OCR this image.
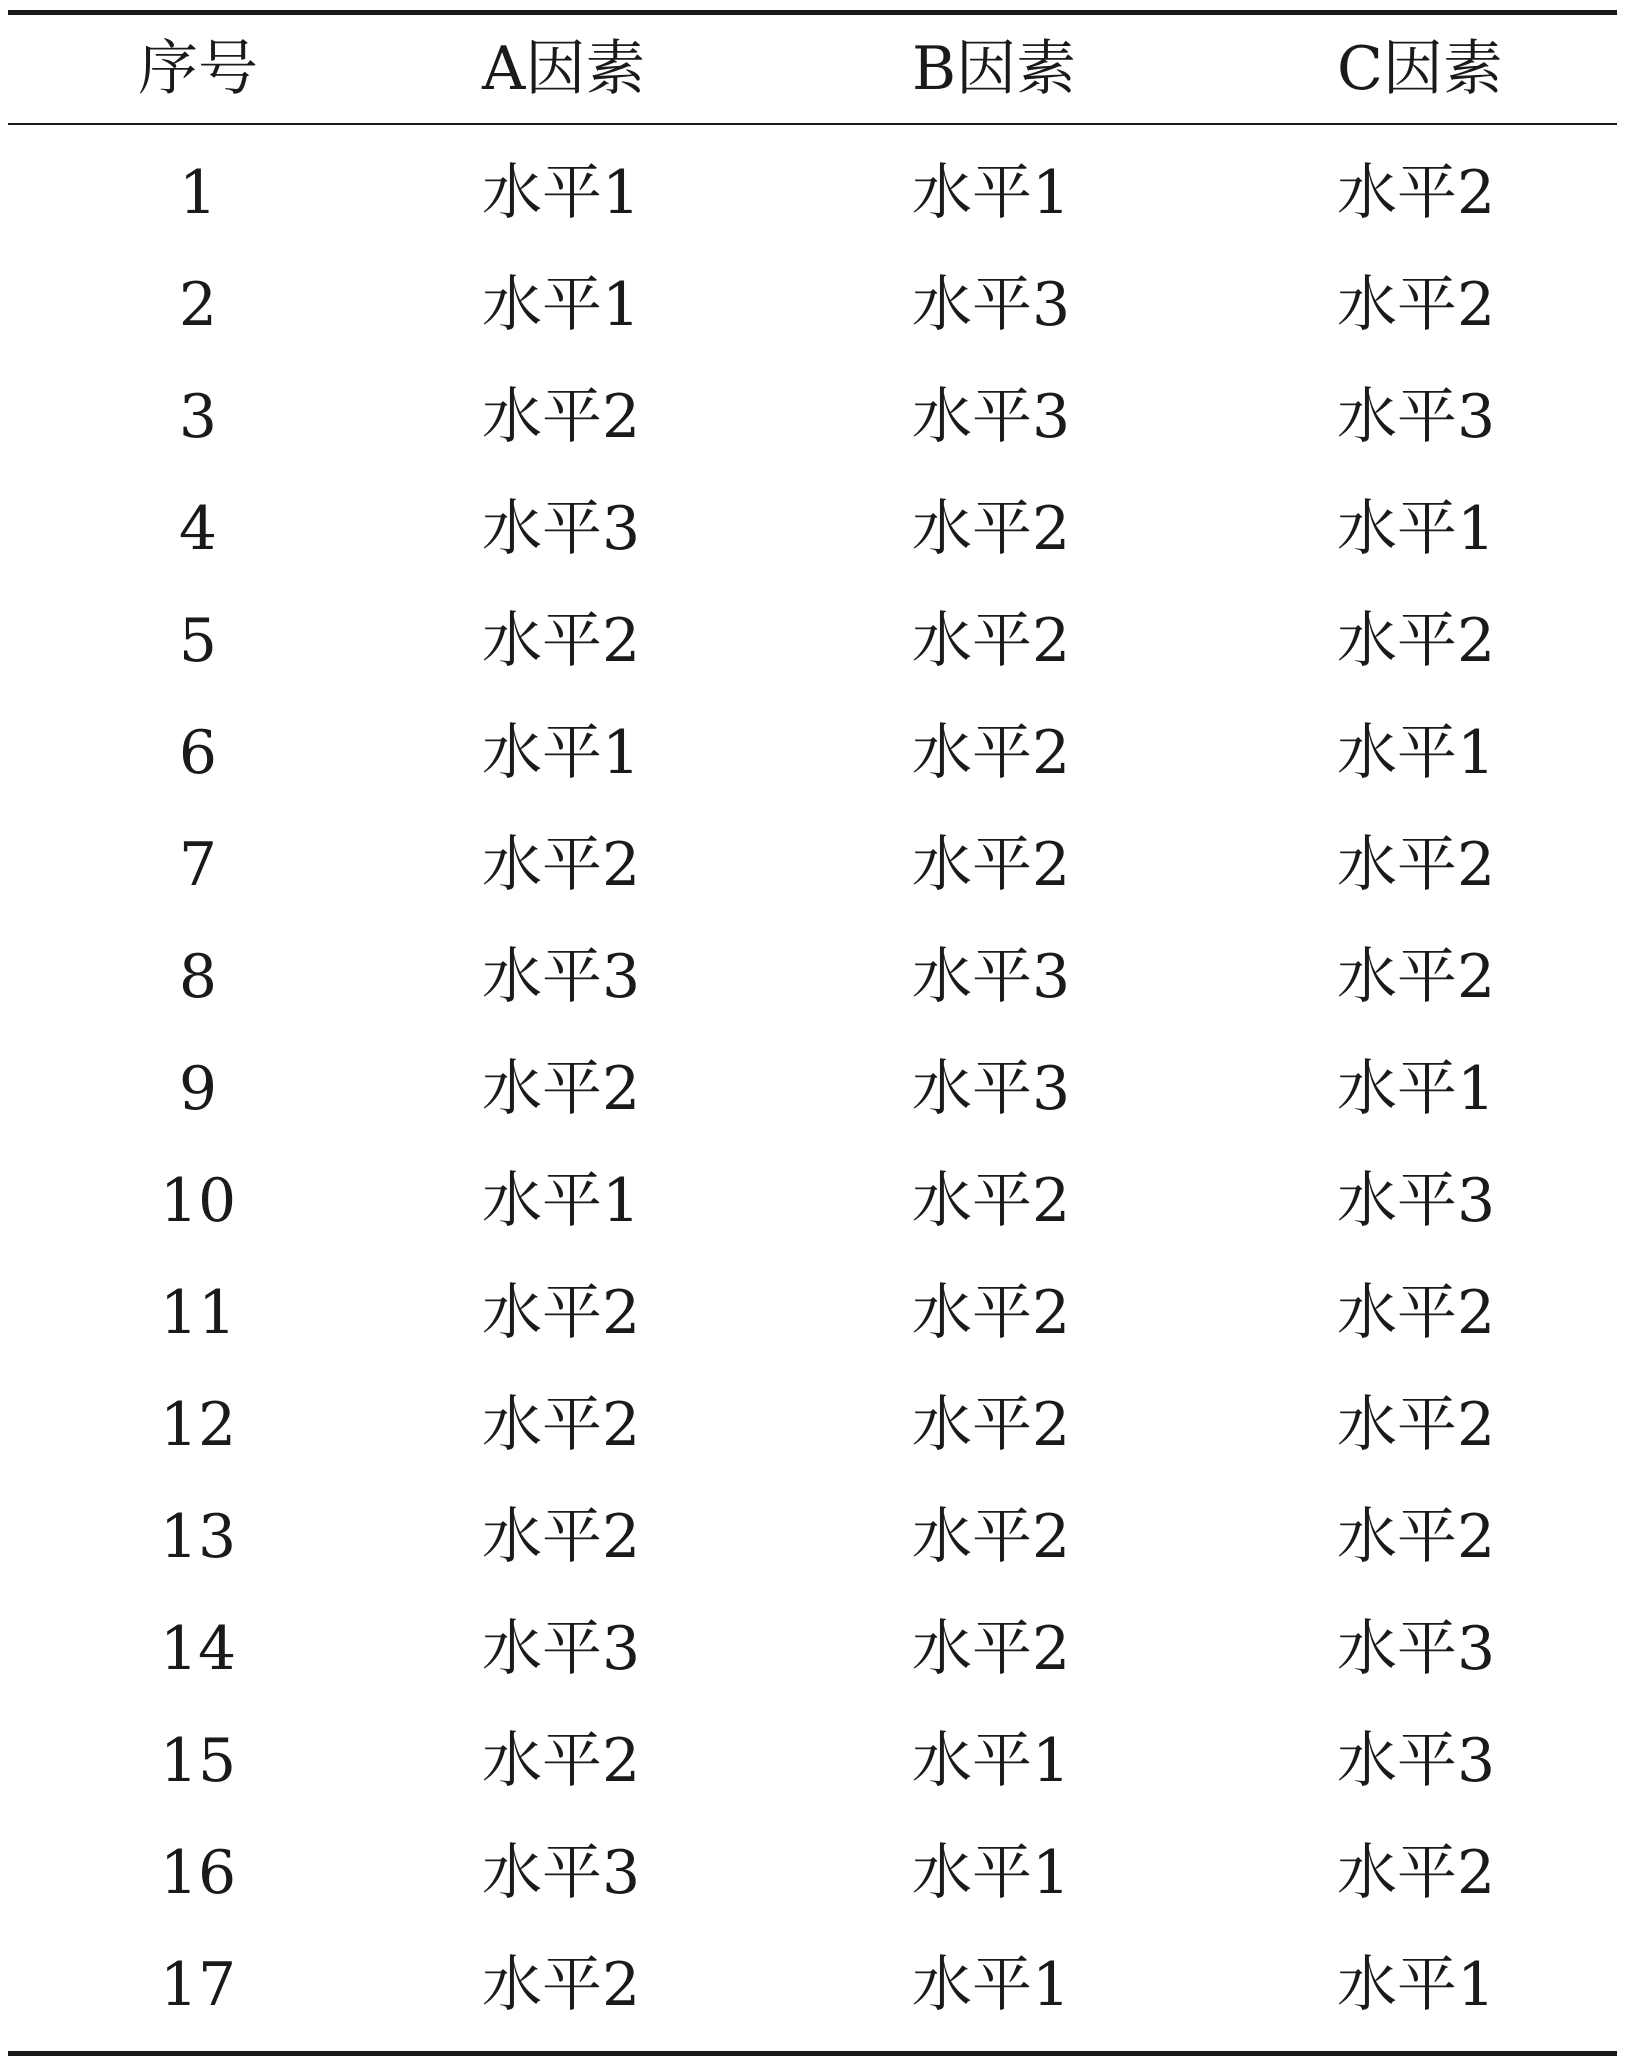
序号	A因素	B因素	C因素
1	水平1	水平1	水平2
2	水平1	水平3	水平2
3	水平2	水平3	水平3
4	水平3	水平2	水平1
5	水平2	水平2	水平2
6	水平1	水平2	水平1
7	水平2	水平2	水平2
8	水平3	水平3	水平2
9	水平2	水平3	水平1
10	水平1	水平2	水平3
11	水平2	水平2	水平2
12	水平2	水平2	水平2
13	水平2	水平2	水平2
14	水平3	水平2	水平3
15	水平2	水平1	水平3
16	水平3	水平1	水平2
17	水平2	水平1	水平1
